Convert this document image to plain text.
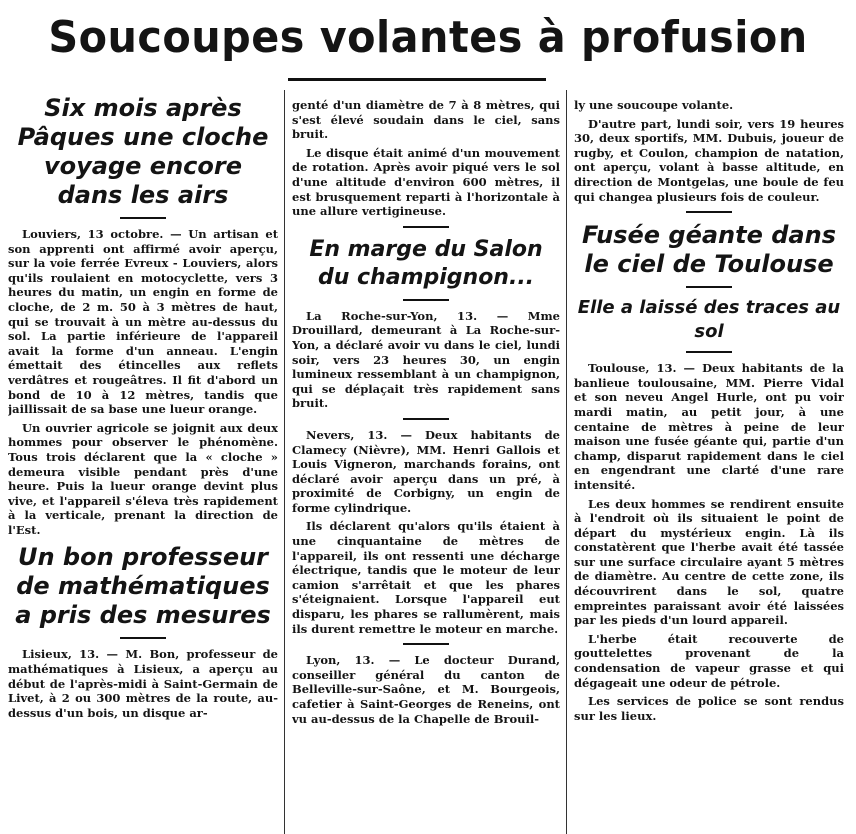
Soucoupes volantes à profusion
Six mois après Pâques une cloche voyage encore dans les airs

Louviers, 13 octobre. — Un artisan et son apprenti ont affirmé avoir aperçu, sur la voie ferrée Evreux - Louviers, alors qu'ils roulaient en motocyclette, vers 3 heures du matin, un engin en forme de cloche, de 2 m. 50 à 3 mètres de haut, qui se trouvait à un mètre au-dessus du sol. La partie inférieure de l'appareil avait la forme d'un anneau. L'engin émettait des étincelles aux reflets verdâtres et rougeâtres. Il fit d'abord un bond de 10 à 12 mètres, tandis que jaillissait de sa base une lueur orange.

Un ouvrier agricole se joignit aux deux hommes pour observer le phénomène. Tous trois déclarent que la « cloche » demeura visible pendant près d'une heure. Puis la lueur orange devint plus vive, et l'appareil s'éleva très rapidement à la verticale, prenant la direction de l'Est.

Un bon professeur de mathématiques a pris des mesures

Lisieux, 13. — M. Bon, professeur de mathématiques à Lisieux, a aperçu au début de l'après-midi à Saint-Germain de Livet, à 2 ou 300 mètres de la route, au-dessus d'un bois, un disque ar-

genté d'un diamètre de 7 à 8 mètres, qui s'est élevé soudain dans le ciel, sans bruit.

Le disque était animé d'un mouvement de rotation. Après avoir piqué vers le sol d'une altitude d'environ 600 mètres, il est brusquement reparti à l'horizontale à une allure vertigineuse.

En marge du Salon du champignon...

La Roche-sur-Yon, 13. — Mme Drouillard, demeurant à La Roche-sur-Yon, a déclaré avoir vu dans le ciel, lundi soir, vers 23 heures 30, un engin lumineux ressemblant à un champignon, qui se déplaçait très rapidement sans bruit.

Nevers, 13. — Deux habitants de Clamecy (Nièvre), MM. Henri Gallois et Louis Vigneron, marchands forains, ont déclaré avoir aperçu dans un pré, à proximité de Corbigny, un engin de forme cylindrique.

Ils déclarent qu'alors qu'ils étaient à une cinquantaine de mètres de l'appareil, ils ont ressenti une décharge électrique, tandis que le moteur de leur camion s'arrêtait et que les phares s'éteignaient. Lorsque l'appareil eut disparu, les phares se rallumèrent, mais ils durent remettre le moteur en marche.

Lyon, 13. — Le docteur Durand, conseiller général du canton de Belleville-sur-Saône, et M. Bourgeois, cafetier à Saint-Georges de Reneins, ont vu au-dessus de la Chapelle de Brouil-

ly une soucoupe volante.

D'autre part, lundi soir, vers 19 heures 30, deux sportifs, MM. Dubuis, joueur de rugby, et Coulon, champion de natation, ont aperçu, volant à basse altitude, en direction de Montgelas, une boule de feu qui changea plusieurs fois de couleur.

Fusée géante dans le ciel de Toulouse
Elle a laissé des traces au sol

Toulouse, 13. — Deux habitants de la banlieue toulousaine, MM. Pierre Vidal et son neveu Angel Hurle, ont pu voir mardi matin, au petit jour, à une centaine de mètres à peine de leur maison une fusée géante qui, partie d'un champ, disparut rapidement dans le ciel en engendrant une clarté d'une rare intensité.

Les deux hommes se rendirent ensuite à l'endroit où ils situaient le point de départ du mystérieux engin. Là ils constatèrent que l'herbe avait été tassée sur une surface circulaire ayant 5 mètres de diamètre. Au centre de cette zone, ils découvrirent dans le sol, quatre empreintes paraissant avoir été laissées par les pieds d'un lourd appareil.

L'herbe était recouverte de gouttelettes provenant de la condensation de vapeur grasse et qui dégageait une odeur de pétrole.

Les services de police se sont rendus sur les lieux.
